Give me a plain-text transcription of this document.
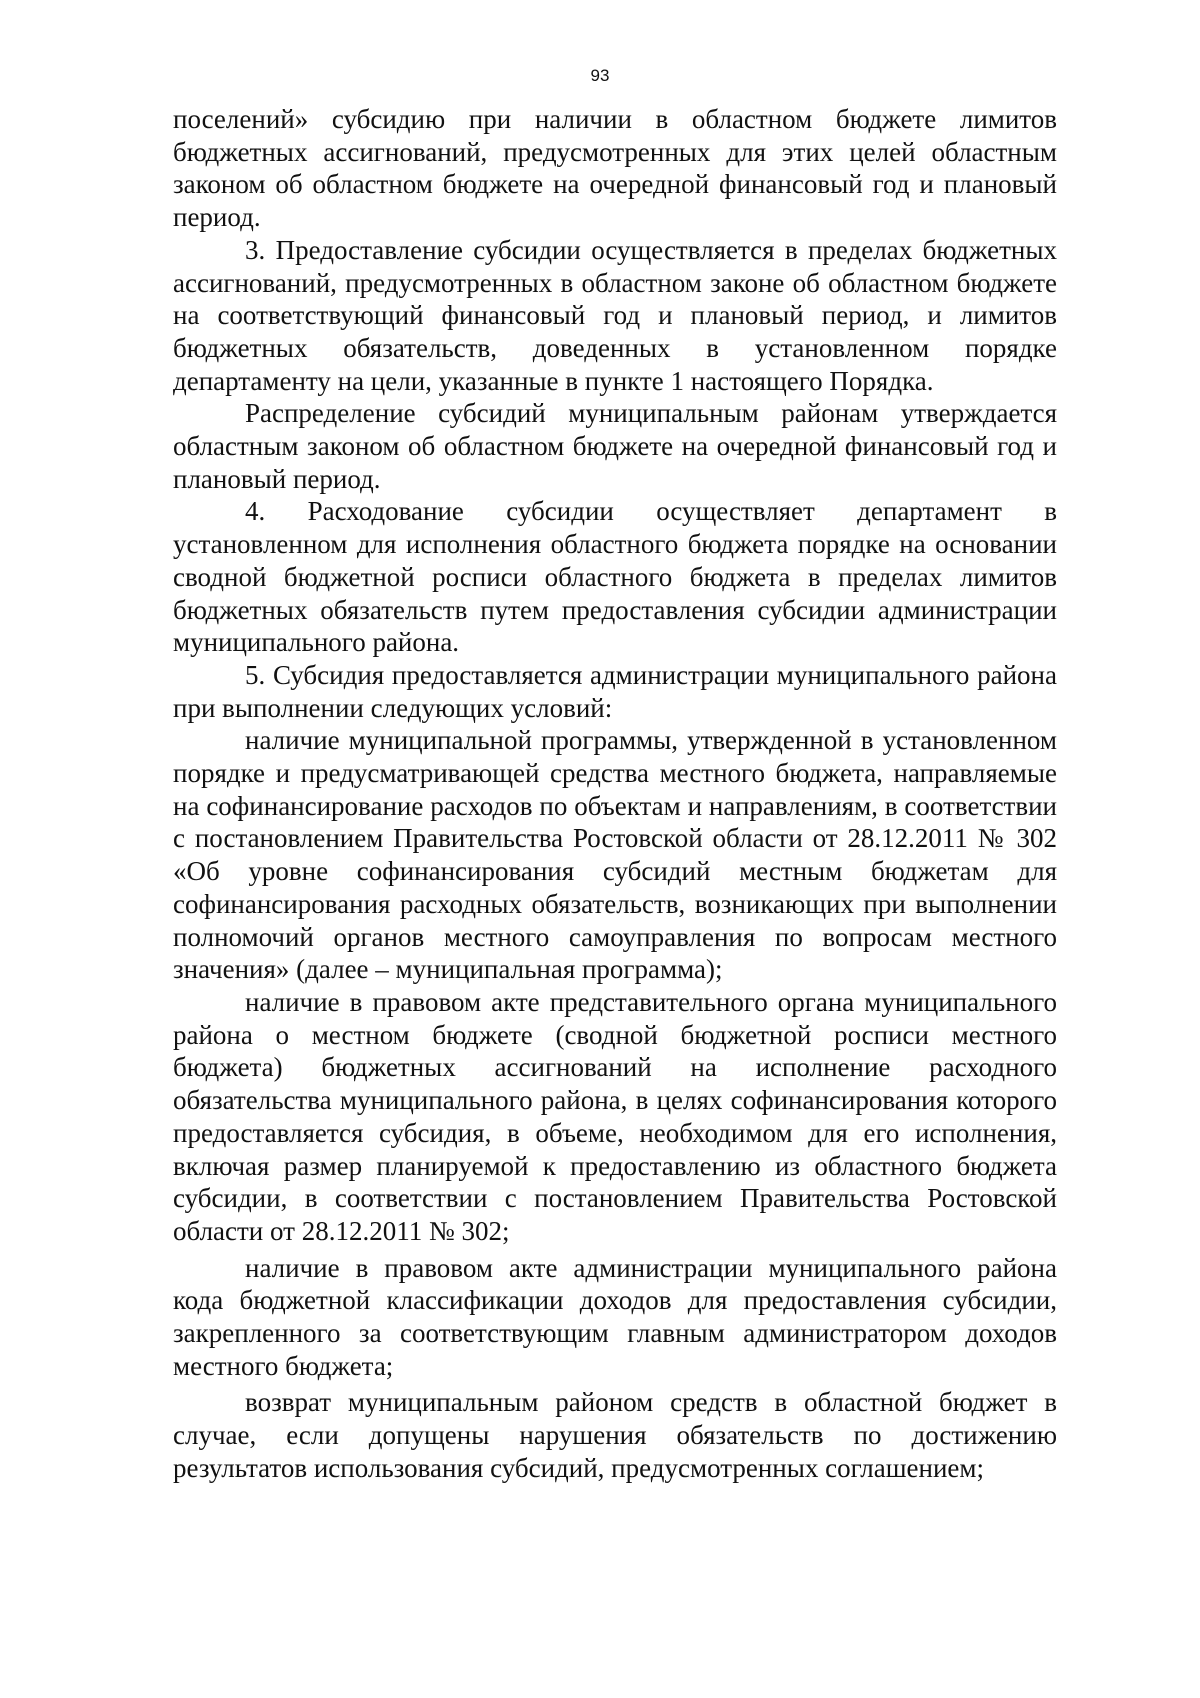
93

поселений» субсидию при наличии в областном бюджете лимитов бюджетных ассигнований, предусмотренных для этих целей областным законом об областном бюджете на очередной финансовый год и плановый период.

3. Предоставление субсидии осуществляется в пределах бюджетных ассигнований, предусмотренных в областном законе об областном бюджете на соответствующий финансовый год и плановый период, и лимитов бюджетных обязательств, доведенных в установленном порядке департаменту на цели, указанные в пункте 1 настоящего Порядка.

Распределение субсидий муниципальным районам утверждается областным законом об областном бюджете на очередной финансовый год и плановый период.

4. Расходование субсидии осуществляет департамент в установленном для исполнения областного бюджета порядке на основании сводной бюджетной росписи областного бюджета в пределах лимитов бюджетных обязательств путем предоставления субсидии администрации муниципального района.

5. Субсидия предоставляется администрации муниципального района при выполнении следующих условий:

наличие муниципальной программы, утвержденной в установленном порядке и предусматривающей средства местного бюджета, направляемые на софинансирование расходов по объектам и направлениям, в соответствии с постановлением Правительства Ростовской области от 28.12.2011 № 302 «Об уровне софинансирования субсидий местным бюджетам для софинансирования расходных обязательств, возникающих при выполнении полномочий органов местного самоуправления по вопросам местного значения» (далее – муниципальная программа);

наличие в правовом акте представительного органа муниципального района о местном бюджете (сводной бюджетной росписи местного бюджета) бюджетных ассигнований на исполнение расходного обязательства муниципального района, в целях софинансирования которого предоставляется субсидия, в объеме, необходимом для его исполнения, включая размер планируемой к предоставлению из областного бюджета субсидии, в соответствии с постановлением Правительства Ростовской области от 28.12.2011 № 302;

наличие в правовом акте администрации муниципального района кода бюджетной классификации доходов для предоставления субсидии, закрепленного за соответствующим главным администратором доходов местного бюджета;

возврат муниципальным районом средств в областной бюджет в случае, если допущены нарушения обязательств по достижению результатов использования субсидий, предусмотренных соглашением;
